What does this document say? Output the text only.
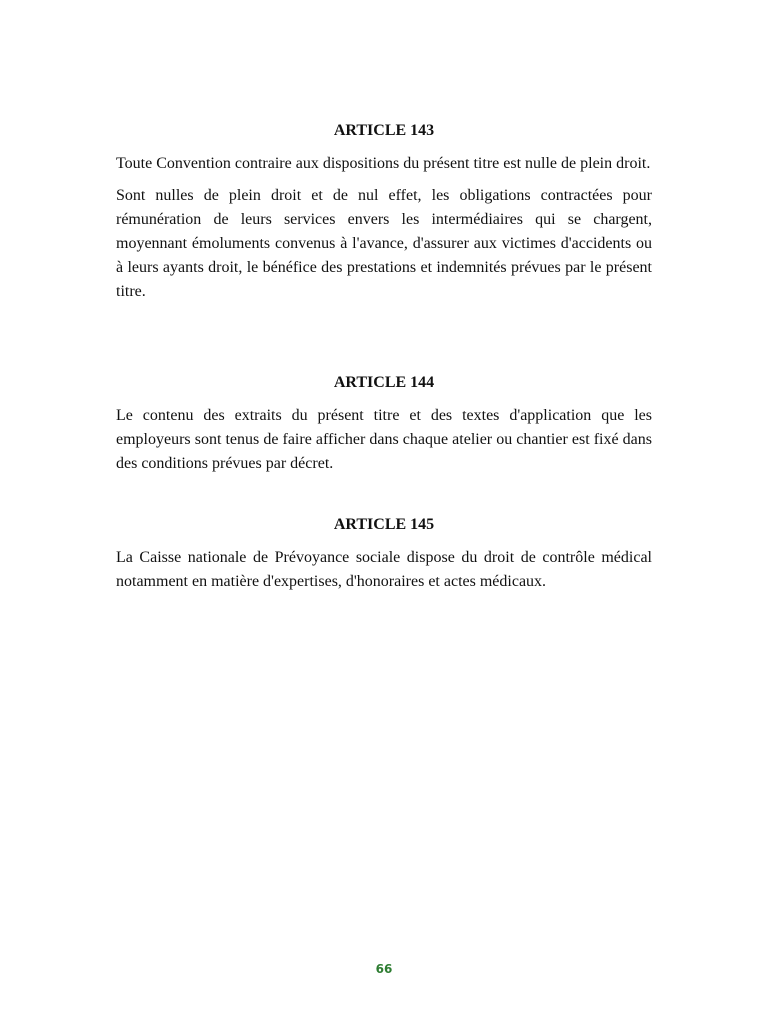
ARTICLE 143

Toute Convention contraire aux dispositions du présent titre est nulle de plein droit.

Sont nulles de plein droit et de nul effet, les obligations contractées pour rémunération de leurs services envers les intermédiaires qui se chargent, moyennant émoluments convenus à l'avance, d'assurer aux victimes d'accidents ou à leurs ayants droit, le bénéfice des prestations et indemnités prévues par le présent titre.

ARTICLE 144

Le contenu des extraits du présent titre et des textes d'application que les employeurs sont tenus de faire afficher dans chaque atelier ou chantier est fixé dans des conditions prévues par décret.

ARTICLE 145

La Caisse nationale de Prévoyance sociale dispose du droit de contrôle médical notamment en matière d'expertises, d'honoraires et actes médicaux.

66
